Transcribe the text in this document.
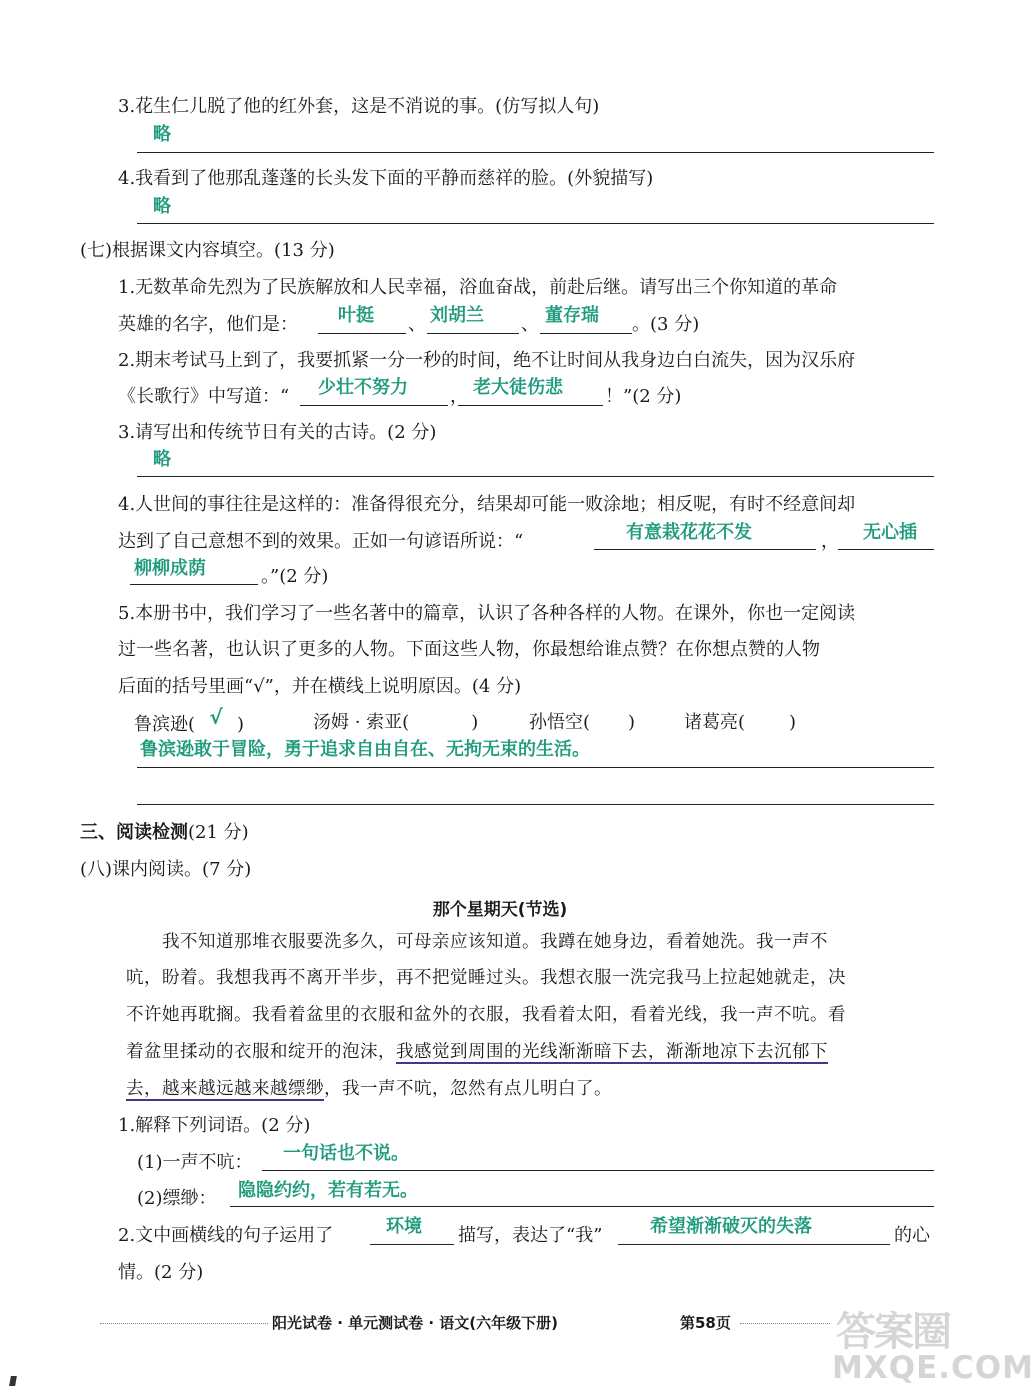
3.花生仁儿脱了他的红外套，这是不消说的事。(仿写拟人句)
略
4.我看到了他那乱蓬蓬的长头发下面的平静而慈祥的脸。(外貌描写)
略
(七)根据课文内容填空。(13 分)
1.无数革命先烈为了民族解放和人民幸福，浴血奋战，前赴后继。请写出三个你知道的革命
英雄的名字，他们是： 叶挺 、 刘胡兰 、 董存瑞 。(3 分)
2.期末考试马上到了，我要抓紧一分一秒的时间，绝不让时间从我身边白白流失，因为汉乐府
《长歌行》中写道：“ 少壮不努力 ， 老大徒伤悲 ！”(2 分)
3.请写出和传统节日有关的古诗。(2 分)
略
4.人世间的事往往是这样的：准备得很充分，结果却可能一败涂地；相反呢，有时不经意间却
达到了自己意想不到的效果。正如一句谚语所说：“	有意栽花花不发	， 无心插
柳柳成荫	。”(2 分)
5.本册书中，我们学习了一些名著中的篇章，认识了各种各样的人物。在课外，你也一定阅读
过一些名著，也认识了更多的人物。下面这些人物，你最想给谁点赞？在你想点赞的人物
后面的括号里画“√”，并在横线上说明原因。(4 分)
鲁滨逊( √ )	汤姆 · 索亚(	)	孙悟空( )	诸葛亮( )
鲁滨逊敢于冒险，勇于追求自由自在、无拘无束的生活。
三、阅读检测(21 分)
(八)课内阅读。(7 分)
那个星期天(节选)
我不知道那堆衣服要洗多久，可母亲应该知道。我蹲在她身边，看着她洗。我一声不
吭，盼着。我想我再不离开半步，再不把觉睡过头。我想衣服一洗完我马上拉起她就走，决
不许她再耽搁。我看着盆里的衣服和盆外的衣服，我看着太阳，看着光线，我一声不吭。看
着盆里揉动的衣服和绽开的泡沫，我感觉到周围的光线渐渐暗下去，渐渐地凉下去沉郁下
去，越来越远越来越缥缈，我一声不吭，忽然有点儿明白了。
1.解释下列词语。(2 分)
(1)一声不吭： 一句话也不说。
(2)缥缈： 隐隐约约，若有若无。
2.文中画横线的句子运用了	环境 描写，表达了“我”	希望渐渐破灭的失落	的心
情。(2 分)
阳光试卷 · 单元测试卷 · 语文(六年级下册)	第58页	答案圈
MXQE.COM
